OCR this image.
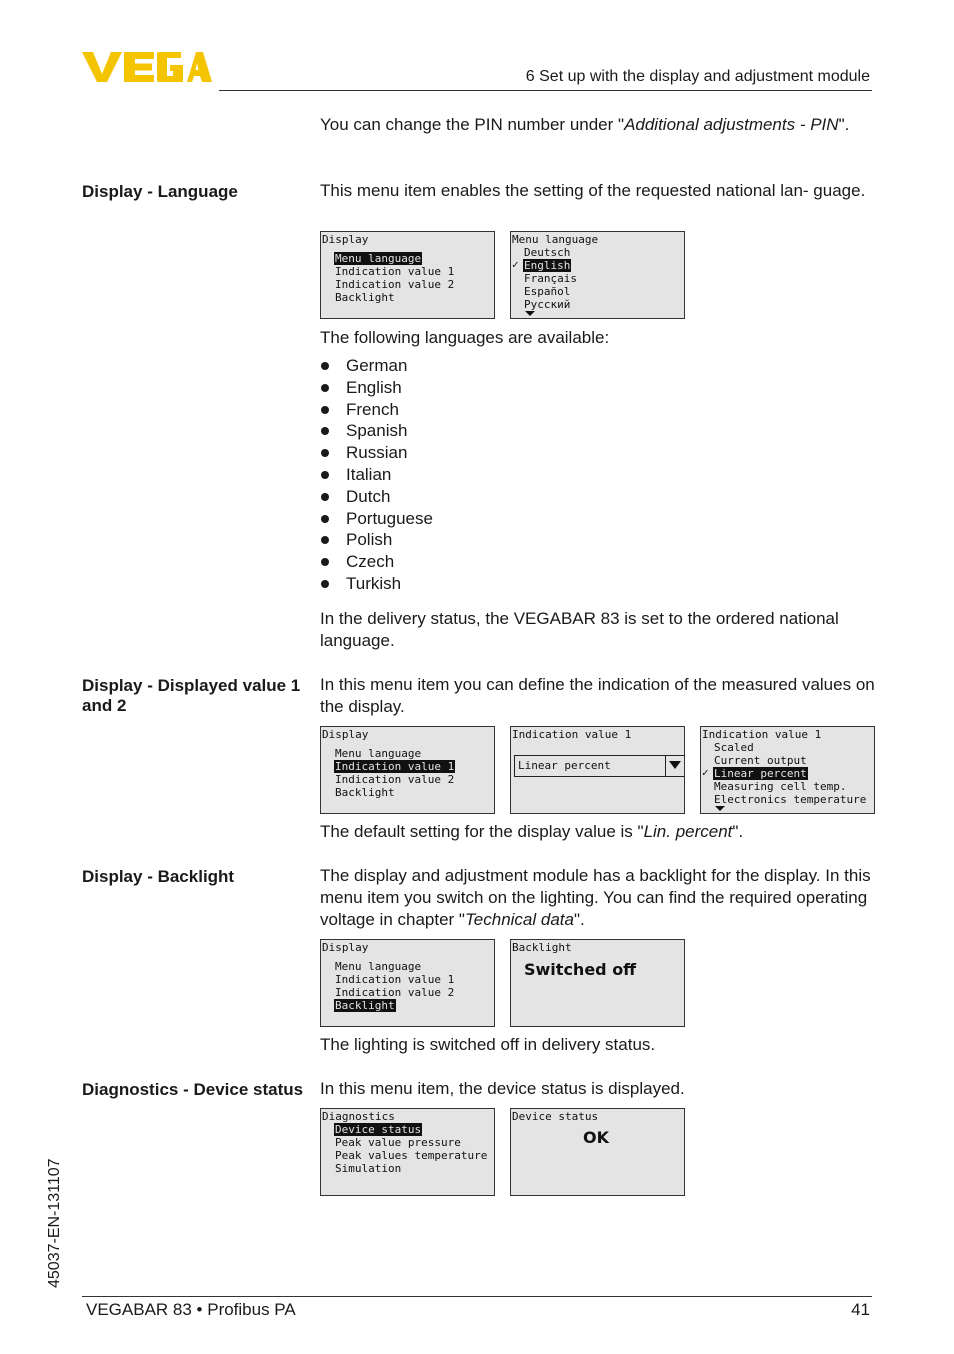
6 Set up with the display and adjustment module
You can change the PIN number under "Additional adjustments - PIN".
Display - Language	This menu item enables the setting of the requested national lan- guage.
Display
Menu language
Indication value 1
Indication value 2
Backlight
Menu language
Deutsch
✓ English
Français
Español
Русский
The following languages are available:
German
English
French
Spanish
Russian
Italian
Dutch
Portuguese
Polish
Czech
Turkish
In the delivery status, the VEGABAR 83 is set to the ordered national language.
Display - Displayed value 1 and 2
In this menu item you can define the indication of the measured values on the display.
Display
Menu language
Indication value 1
Indication value 2
Backlight
Indication value 1
Linear percent
Indication value 1
Scaled
Current output
✓ Linear percent
Measuring cell temp.
Electronics temperature
The default setting for the display value is "Lin. percent".
Display - Backlight	The display and adjustment module has a backlight for the display. In this menu item you switch on the lighting. You can find the required operating voltage in chapter "Technical data".
Display
Menu language
Indication value 1
Indication value 2
Backlight
Backlight
Switched off
The lighting is switched off in delivery status.
Diagnostics - Device status In this menu item, the device status is displayed.
Diagnostics
Device status
Peak value pressure
Peak values temperature
Simulation
Device status
OK
45037-EN-131107
VEGABAR 83 • Profibus PA	41
